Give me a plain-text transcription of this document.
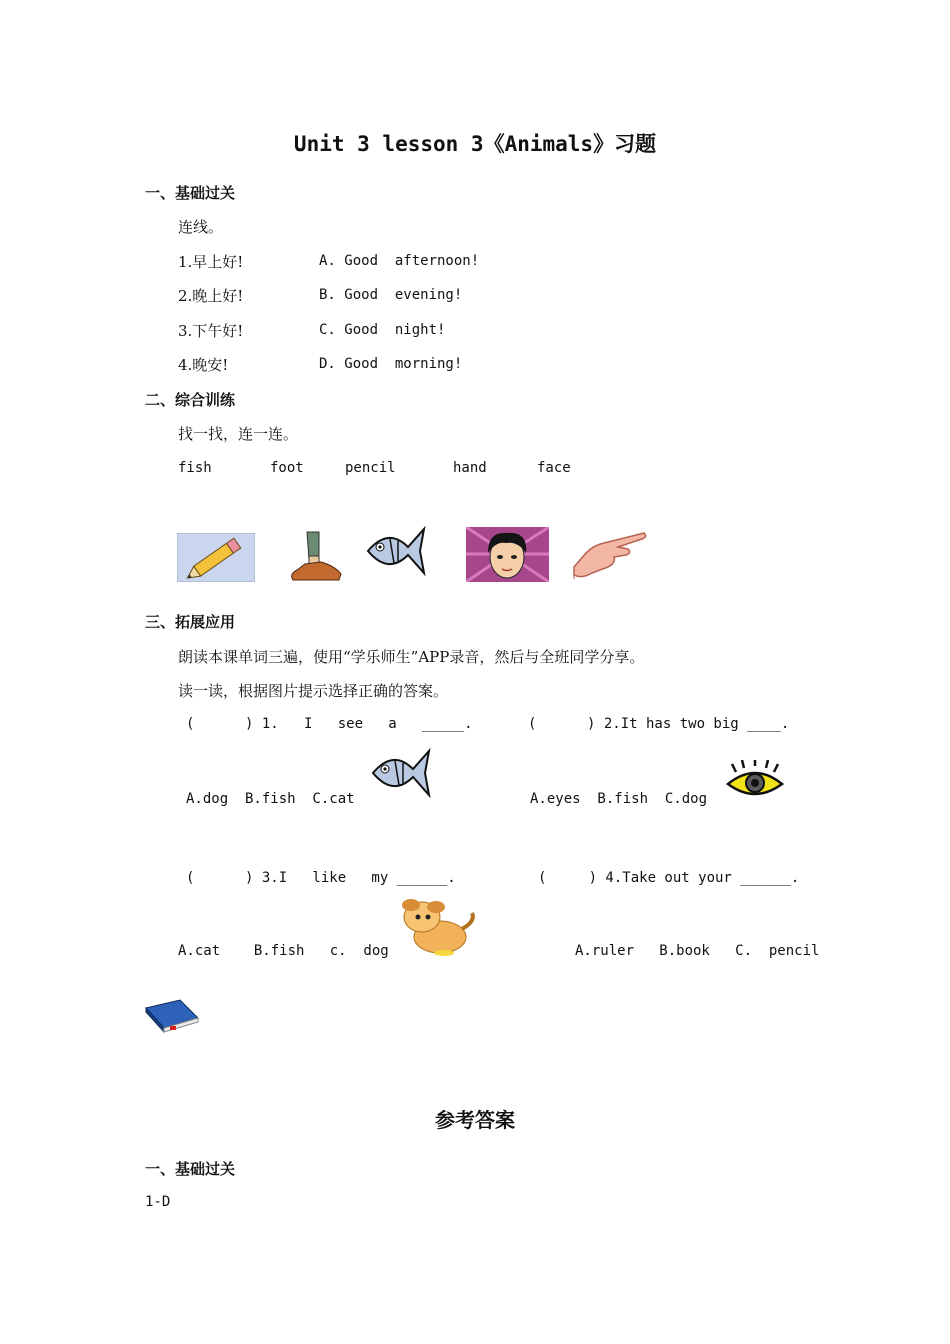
Unit 3 lesson 3《Animals》习题
一、基础过关
连线。
1.早上好!	A. Good  afternoon!
2.晚上好!	B. Good  evening!
3.下午好!	C. Good  night!
4.晚安!	D. Good  morning!
二、综合训练
找一找，连一连。
fish	foot	pencil	hand	face
三、拓展应用
朗读本课单词三遍，使用“学乐师生”APP录音，然后与全班同学分享。
读一读，根据图片提示选择正确的答案。
(      ) 1.   I   see   a   _____.	(      ) 2.It has two big ____.
A.dog  B.fish  C.cat	A.eyes  B.fish  C.dog
(      ) 3.I   like   my ______.	(     ) 4.Take out your ______.
A.cat    B.fish   c.  dog	A.ruler   B.book   C.  pencil
参考答案
一、基础过关
1-D
